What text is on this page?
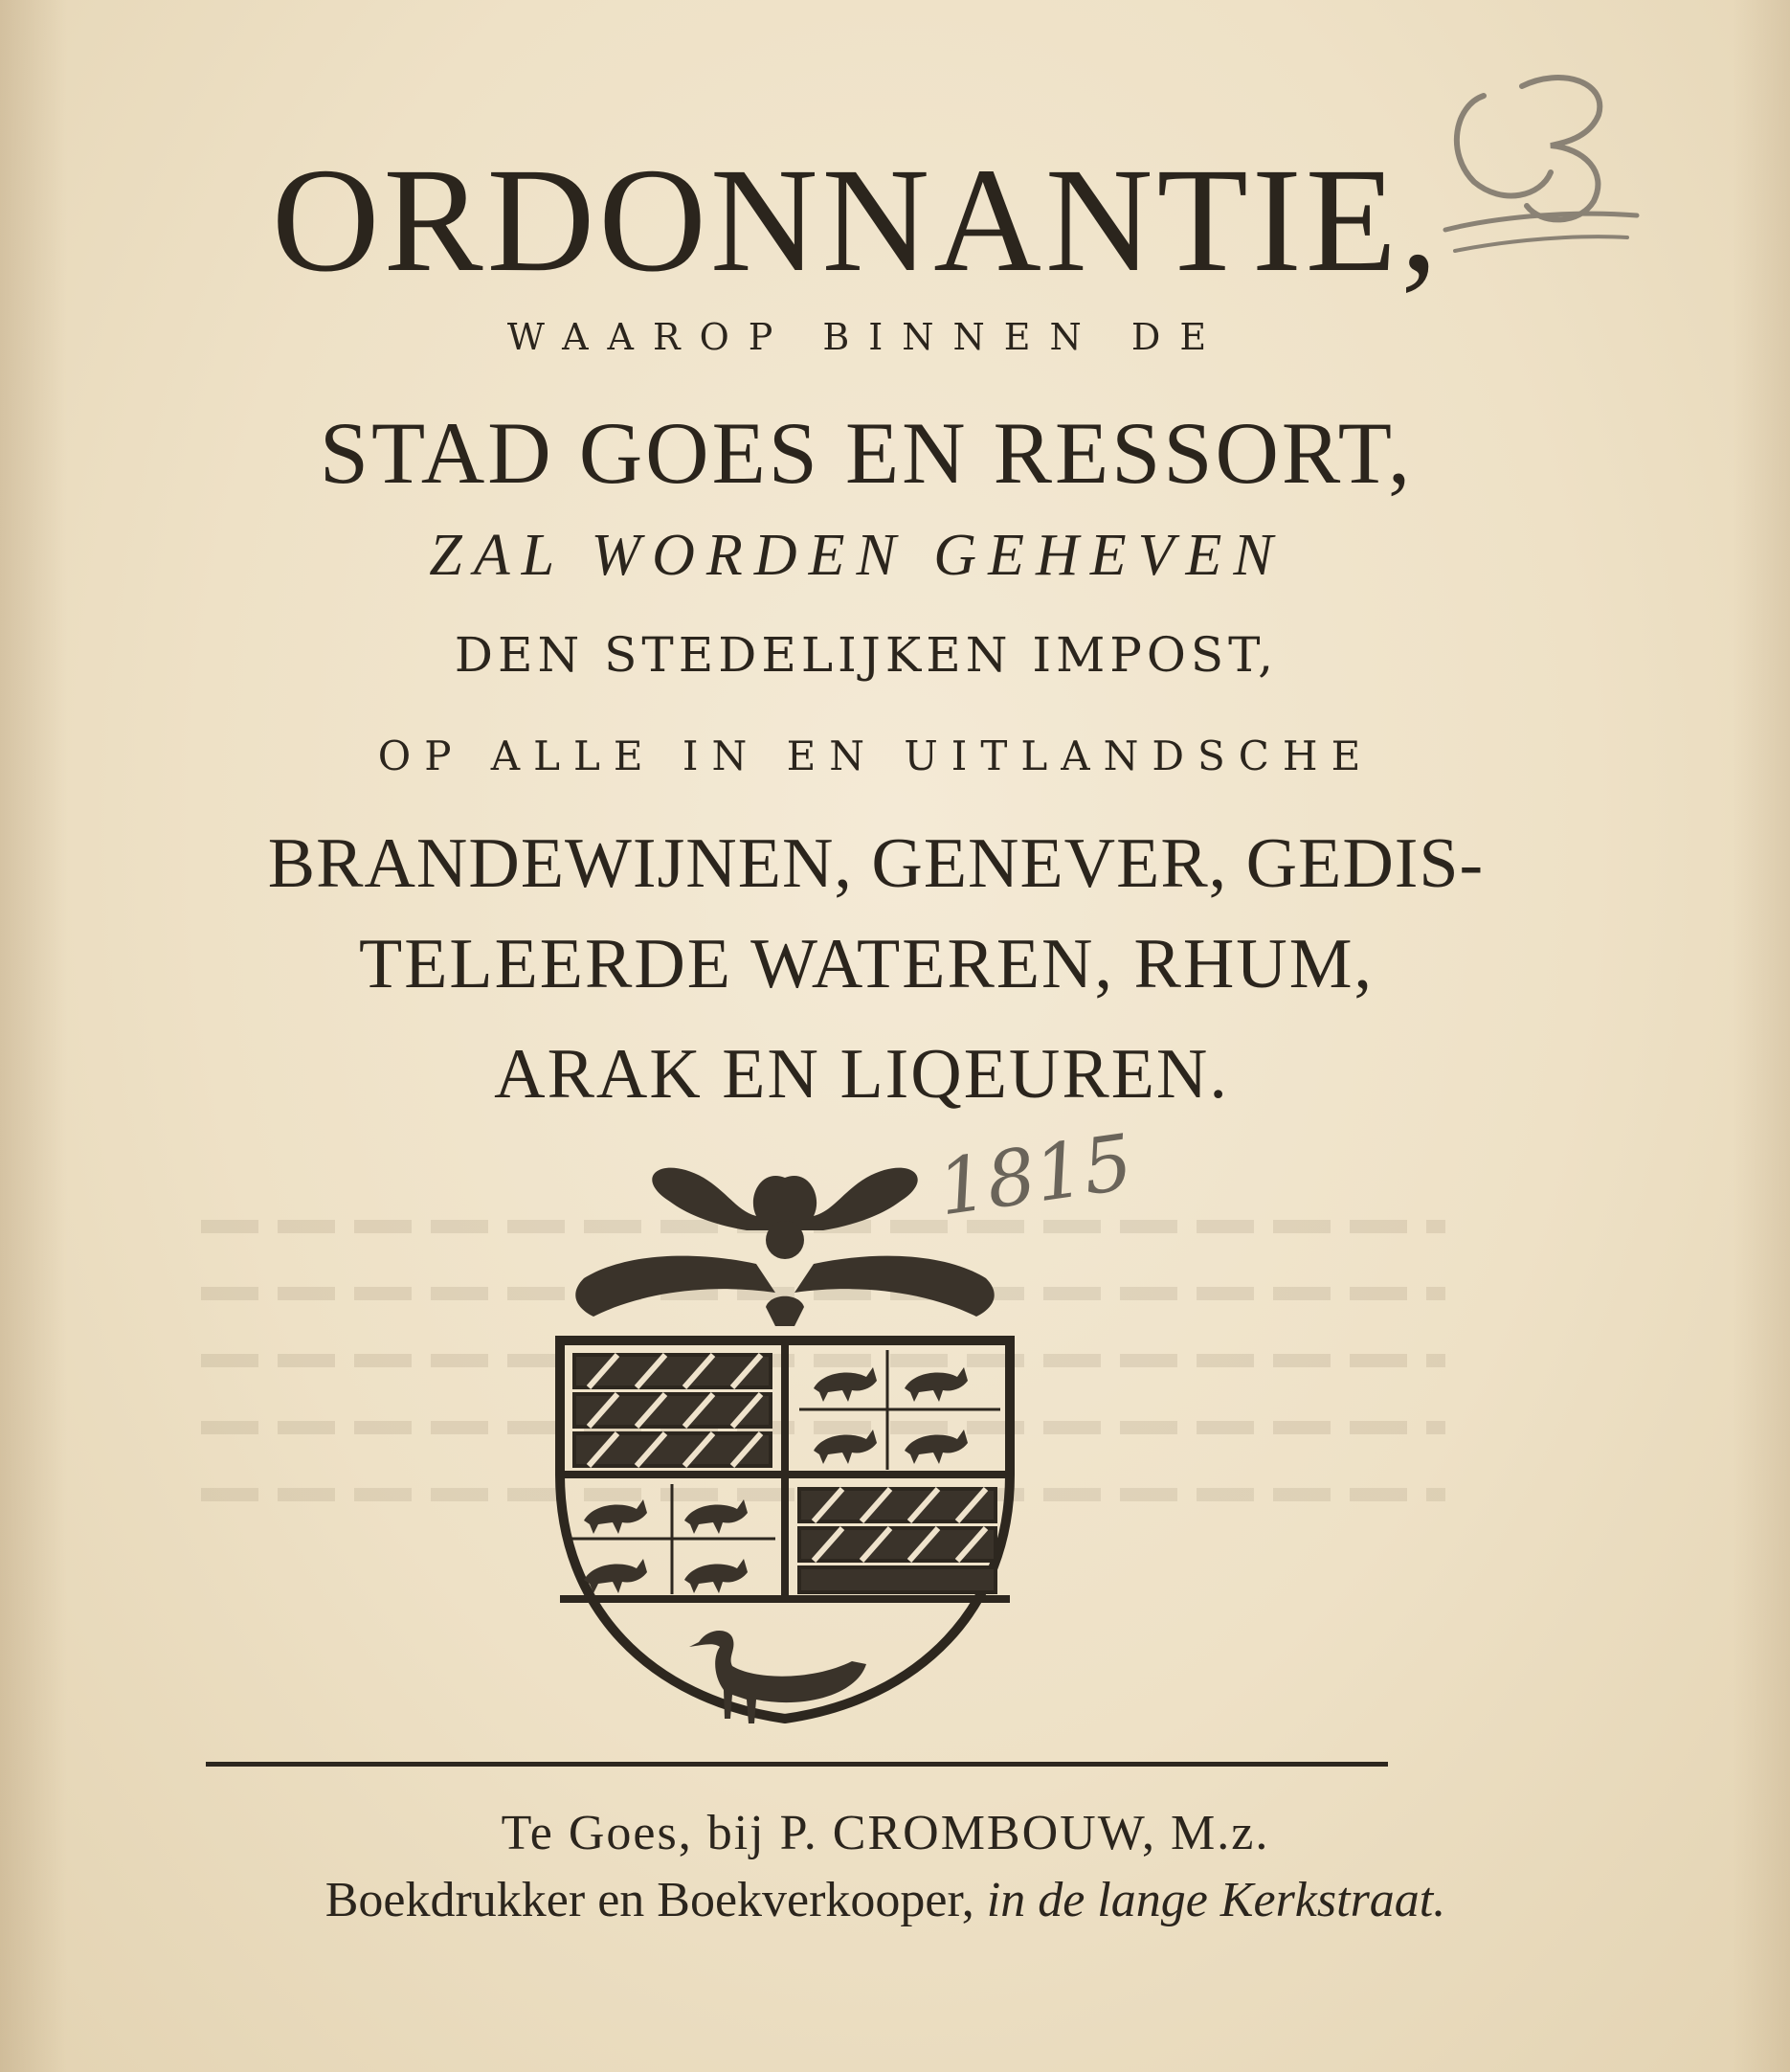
ORDONNANTIE,
WAAROP BINNEN DE
STAD GOES EN RESSORT,
ZAL WORDEN GEHEVEN
DEN STEDELIJKEN IMPOST,
OP ALLE IN EN UITLANDSCHE
BRANDEWIJNEN, GENEVER, GEDIS-
TELEERDE WATEREN, RHUM,
ARAK EN LIQEUREN.
1815
Te Goes, bij P. CROMBOUW, M.z.
Boekdrukker en Boekverkooper, in de lange Kerkstraat.
